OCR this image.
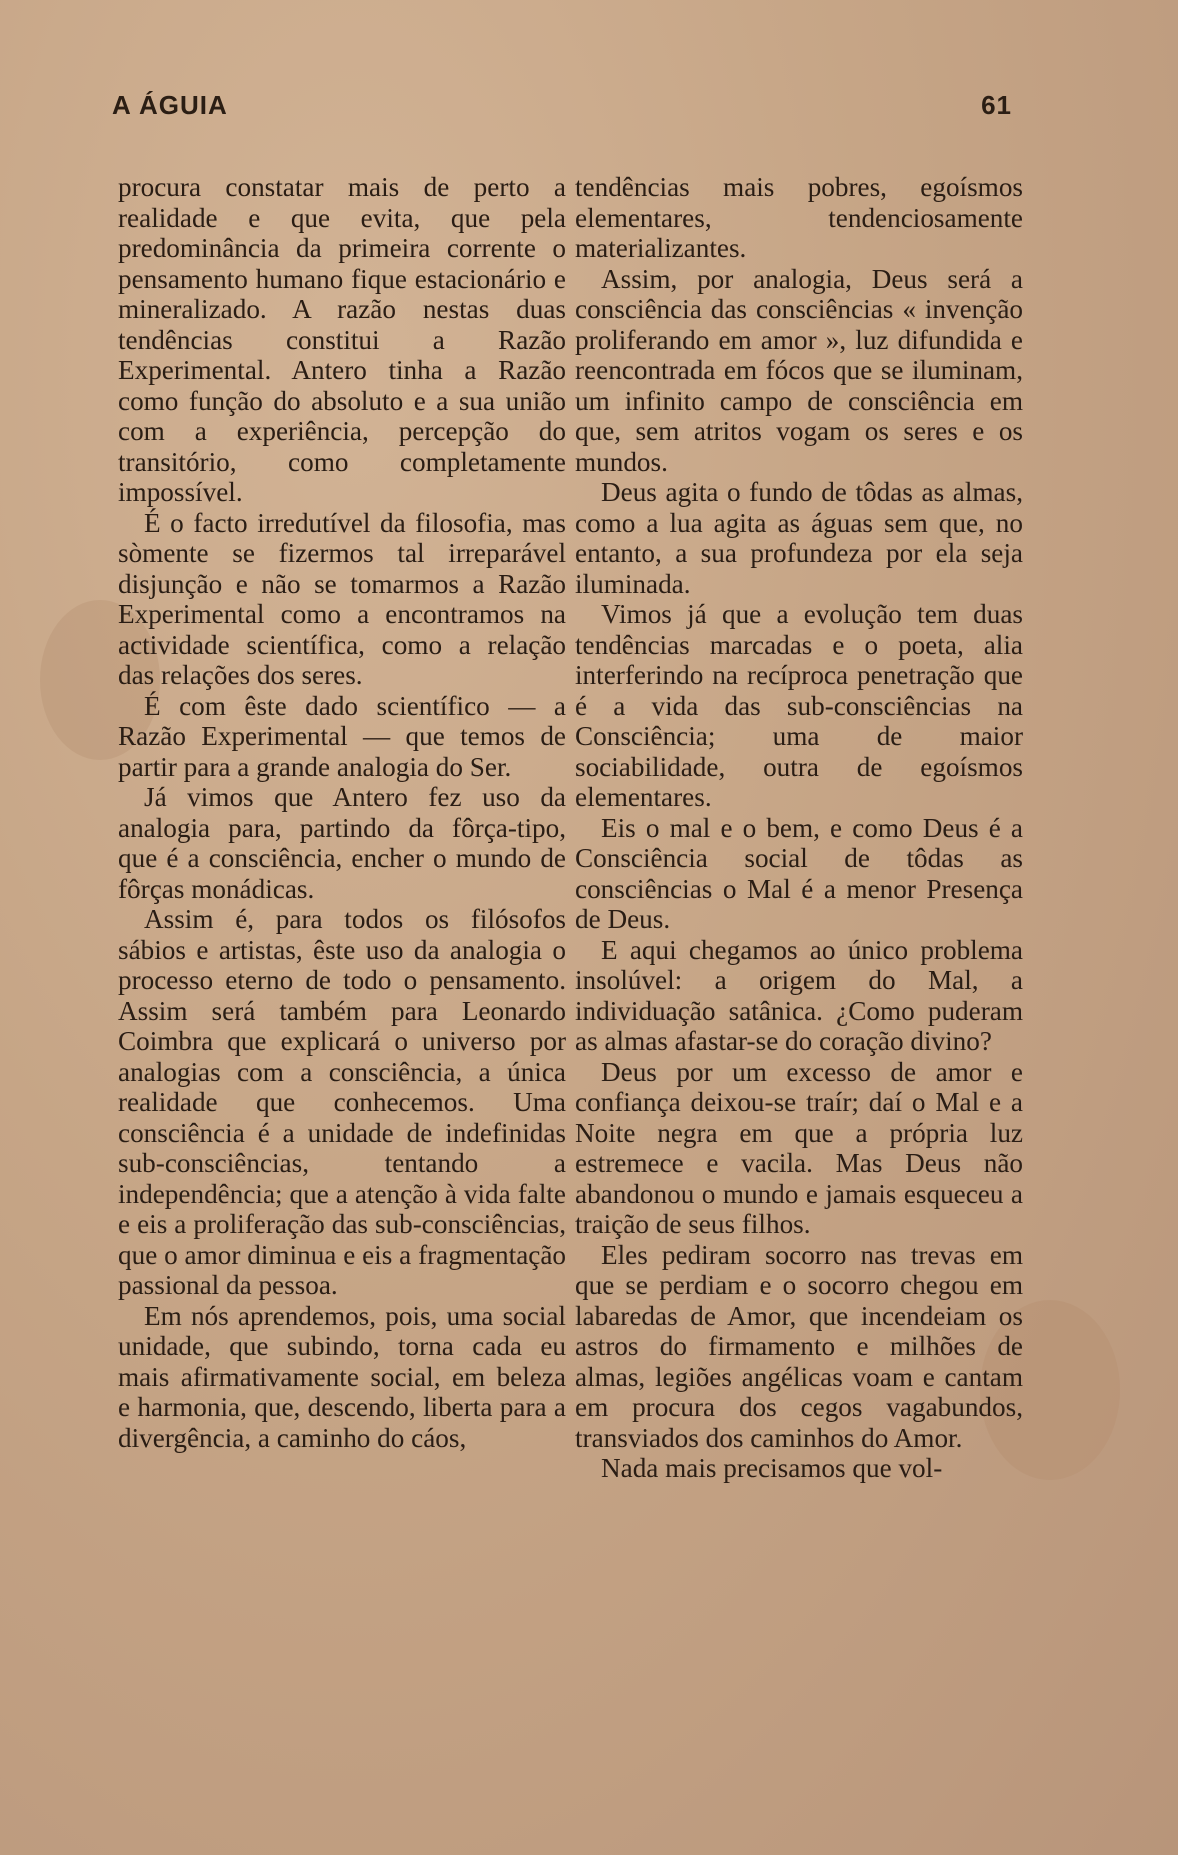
A ÁGUIA	61

procura constatar mais de perto a realidade e que evita, que pela predominância da primeira corrente o pensamento humano fique estacionário e mineralizado. A razão nestas duas tendências constitui a Razão Experimental. Antero tinha a Razão como função do absoluto e a sua união com a experiência, percepção do transitório, como completamente impossível.

É o facto irredutível da filosofia, mas sòmente se fizermos tal irreparável disjunção e não se tomarmos a Razão Experimental como a encontramos na actividade scientífica, como a relação das relações dos seres.

É com êste dado scientífico — a Razão Experimental — que temos de partir para a grande analogia do Ser.

Já vimos que Antero fez uso da analogia para, partindo da fôrça-tipo, que é a consciência, encher o mundo de fôrças monádicas.

Assim é, para todos os filósofos sábios e artistas, êste uso da analogia o processo eterno de todo o pensamento. Assim será também para Leonardo Coimbra que explicará o universo por analogias com a consciência, a única realidade que conhecemos. Uma consciência é a unidade de indefinidas sub-consciências, tentando a independência; que a atenção à vida falte e eis a proliferação das sub-consciências, que o amor diminua e eis a fragmentação passional da pessoa.

Em nós aprendemos, pois, uma social unidade, que subindo, torna cada eu mais afirmativamente social, em beleza e harmonia, que, descendo, liberta para a divergência, a caminho do cáos,

tendências mais pobres, egoísmos elementares, tendenciosamente materializantes.

Assim, por analogia, Deus será a consciência das consciências « invenção proliferando em amor », luz difundida e reencontrada em fócos que se iluminam, um infinito campo de consciência em que, sem atritos vogam os seres e os mundos.

Deus agita o fundo de tôdas as almas, como a lua agita as águas sem que, no entanto, a sua profundeza por ela seja iluminada.

Vimos já que a evolução tem duas tendências marcadas e o poeta, alia interferindo na recíproca penetração que é a vida das sub-consciências na Consciência; uma de maior sociabilidade, outra de egoísmos elementares.

Eis o mal e o bem, e como Deus é a Consciência social de tôdas as consciências o Mal é a menor Presença de Deus.

E aqui chegamos ao único problema insolúvel: a origem do Mal, a individuação satânica. ¿Como puderam as almas afastar-se do coração divino?

Deus por um excesso de amor e confiança deixou-se traír; daí o Mal e a Noite negra em que a própria luz estremece e vacila. Mas Deus não abandonou o mundo e jamais esqueceu a traição de seus filhos.

Eles pediram socorro nas trevas em que se perdiam e o socorro chegou em labaredas de Amor, que incendeiam os astros do firmamento e milhões de almas, legiões angélicas voam e cantam em procura dos cegos vagabundos, transviados dos caminhos do Amor.

Nada mais precisamos que vol-
